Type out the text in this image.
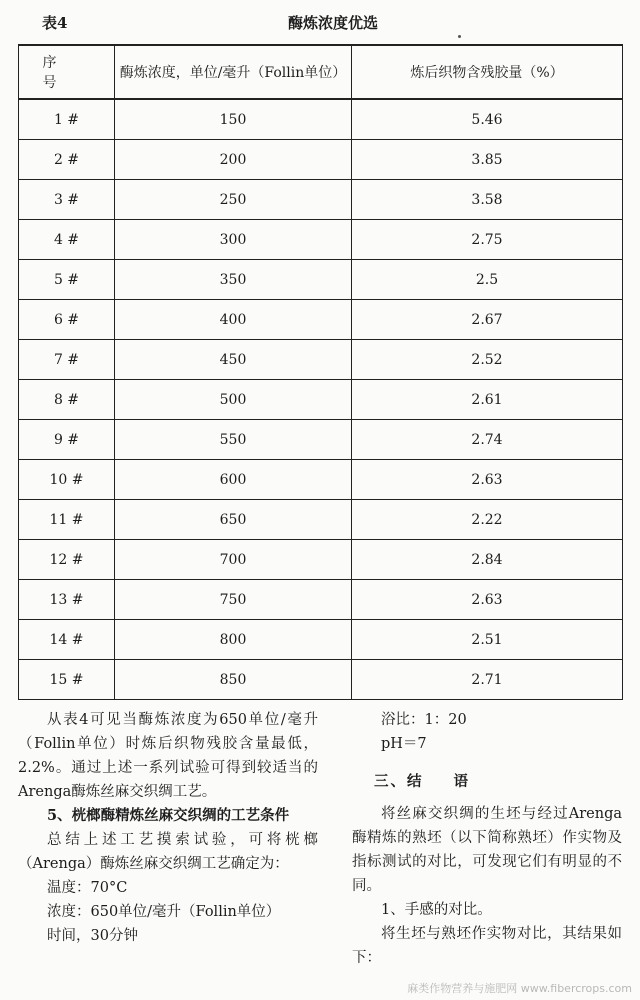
表4	酶炼浓度优选
序号	酶炼浓度，单位/毫升（Follin单位）	炼后织物含残胶量（%）
1 #	150	5.46
2 #	200	3.85
3 #	250	3.58
4 #	300	2.75
5 #	350	2.5
6 #	400	2.67
7 #	450	2.52
8 #	500	2.61
9 #	550	2.74
10 #	600	2.63
11 #	650	2.22
12 #	700	2.84
13 #	750	2.63
14 #	800	2.51
15 #	850	2.71

从表4可见当酶炼浓度为650单位/毫升（Follin单位）时炼后织物残胶含量最低，2.2%。通过上述一系列试验可得到较适当的Arenga酶炼丝麻交织绸工艺。

5、桄榔酶精炼丝麻交织绸的工艺条件

总结上述工艺摸索试验，可将桄榔（Arenga）酶炼丝麻交织绸工艺确定为：

温度：70°C

浓度：650单位/毫升（Follin单位）

时间，30分钟

浴比：1：20

pH＝7

三、结 语

将丝麻交织绸的生坯与经过Arenga酶精炼的熟坯（以下简称熟坯）作实物及指标测试的对比，可发现它们有明显的不同。

1、手感的对比。

将生坯与熟坯作实物对比，其结果如下：

麻类作物营养与施肥网 www.fibercrops.com
